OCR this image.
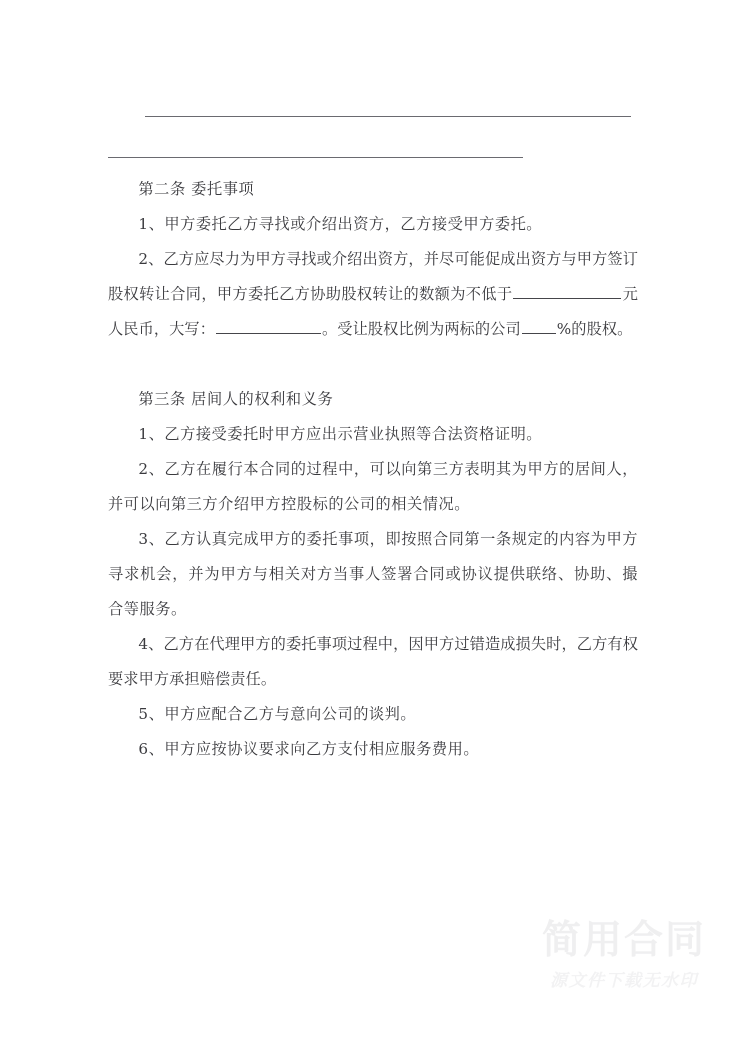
第二条 委托事项

1、甲方委托乙方寻找或介绍出资方，乙方接受甲方委托。

2、乙方应尽力为甲方寻找或介绍出资方，并尽可能促成出资方与甲方签订股权转让合同，甲方委托乙方协助股权转让的数额为不低于	元人民币，大写：	。受让股权比例为两标的公司 %的股权。

第三条 居间人的权利和义务

1、乙方接受委托时甲方应出示营业执照等合法资格证明。

2、乙方在履行本合同的过程中，可以向第三方表明其为甲方的居间人，并可以向第三方介绍甲方控股标的公司的相关情况。

3、乙方认真完成甲方的委托事项，即按照合同第一条规定的内容为甲方寻求机会，并为甲方与相关对方当事人签署合同或协议提供联络、协助、撮合等服务。

4、乙方在代理甲方的委托事项过程中，因甲方过错造成损失时，乙方有权要求甲方承担赔偿责任。

5、甲方应配合乙方与意向公司的谈判。

6、甲方应按协议要求向乙方支付相应服务费用。

简用合同
源文件下载无水印
